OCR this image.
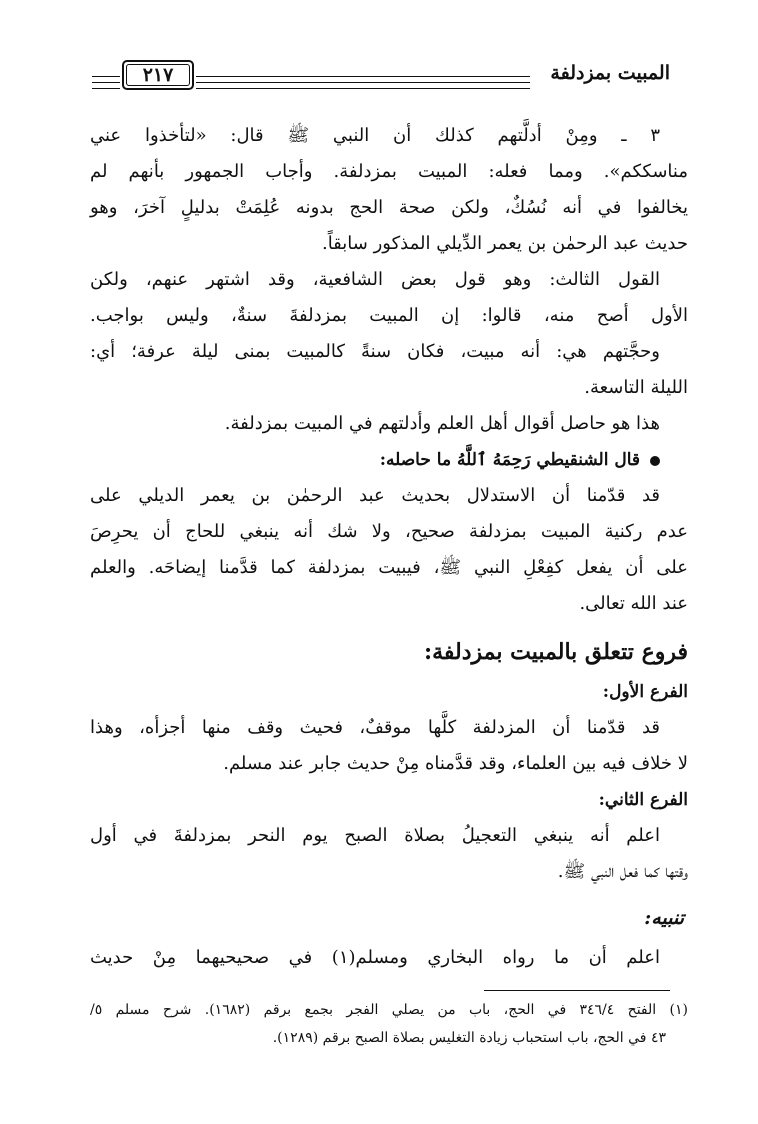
المبيت بمزدلفة
٢١٧
٣ ـ ومِنْ أدلَّتهم كذلك أن النبي ﷺ قال: «لتأخذوا عني
مناسككم». ومما فعله: المبيت بمزدلفة. وأجاب الجمهور بأنهم لم
يخالفوا في أنه نُسُكٌ، ولكن صحة الحج بدونه عُلِمَتْ بدليلٍ آخرَ، وهو
حديث عبد الرحمٰن بن يعمر الدِّيلي المذكور سابقاً.
القول الثالث: وهو قول بعض الشافعية، وقد اشتهر عنهم، ولكن
الأول أصح منه، قالوا: إن المبيت بمزدلفةَ سنةٌ، وليس بواجب.
وحجَّتهم هي: أنه مبيت، فكان سنةً كالمبيت بمنى ليلة عرفة؛ أي:
الليلة التاسعة.
هذا هو حاصل أقوال أهل العلم وأدلتهم في المبيت بمزدلفة.
قال الشنقيطي رَحِمَهُ ٱللَّهُ ما حاصله:
قد قدّمنا أن الاستدلال بحديث عبد الرحمٰن بن يعمر الديلي على
عدم ركنية المبيت بمزدلفة صحيح، ولا شك أنه ينبغي للحاج أن يحرِصَ
على أن يفعل كفِعْلِ النبي ﷺ، فيبيت بمزدلفة كما قدَّمنا إيضاحَه. والعلم
عند الله تعالى.
فروع تتعلق بالمبيت بمزدلفة:
الفرع الأول:
قد قدّمنا أن المزدلفة كلَّها موقفٌ، فحيث وقف منها أجزأه، وهذا
لا خلاف فيه بين العلماء، وقد قدَّمناه مِنْ حديث جابر عند مسلم.
الفرع الثاني:
اعلم أنه ينبغي التعجيلُ بصلاة الصبح يوم النحر بمزدلفةَ في أول
وقتها كما فعل النبي ﷺ.
تنبيه:
اعلم أن ما رواه البخاري ومسلم(١) في صحيحيهما مِنْ حديث
(١) الفتح ٣٤٦/٤ في الحج، باب من يصلي الفجر بجمع برقم (١٦٨٢). شرح مسلم ٥/
٤٣ في الحج، باب استحباب زيادة التغليس بصلاة الصبح برقم (١٢٨٩).
